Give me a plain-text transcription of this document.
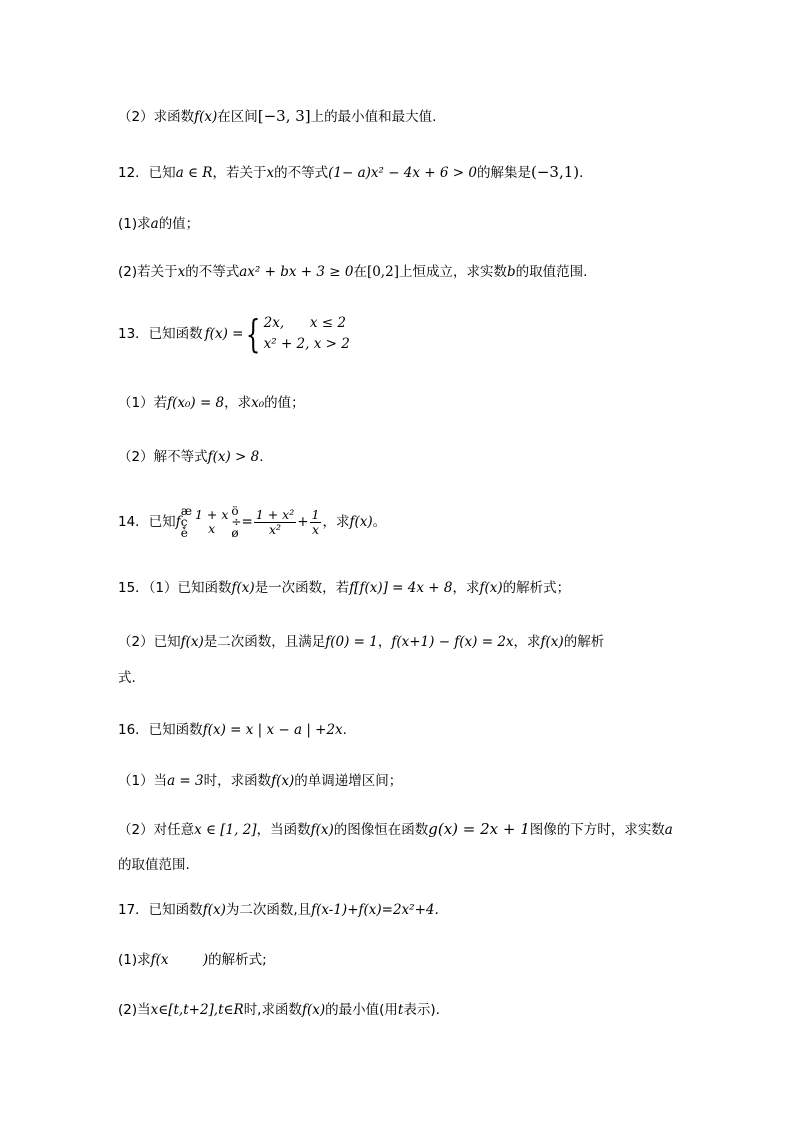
（2）求函数f(x)在区间[−3, 3]上的最小值和最大值.
12．已知a ∈ R，若关于x的不等式(1− a)x² − 4x + 6 > 0的解集是(−3,1)．
(1)求a的值；
(2)若关于x的不等式ax² + bx + 3 ≥ 0在[0,2]上恒成立，求实数b的取值范围.
13．已知函数 f(x) = { 2x,      x ≤ 2
x² + 2, x > 2
（1）若f(x₀) = 8，求x₀的值；
（2）解不等式f(x) > 8.
14．已知 f
æ
ç
è
1 + x
x
ö
÷
ø
= $\frac{\text{1 + x²}}{\text{x²}} + \frac{1}{x}$ ，求 f(x) 。
15．（1）已知函数f(x)是一次函数，若f[f(x)] = 4x + 8，求f(x)的解析式；
（2）已知f(x)是二次函数，且满足f(0) = 1，f(x+1) − f(x) = 2x，求f(x)的解析
式.
16．已知函数f(x) = x | x − a | +2x.
（1）当a = 3时，求函数f(x)的单调递增区间；
（2）对任意x ∈ [1, 2]，当函数f(x)的图像恒在函数g(x) = 2x + 1图像的下方时，求实数a
的取值范围.
17．已知函数f(x)为二次函数,且f(x-1)+f(x)=2x²+4.
(1)求f(x        )的解析式;
(2)当x∈[t,t+2],t∈R时,求函数f(x)的最小值(用t表示).
